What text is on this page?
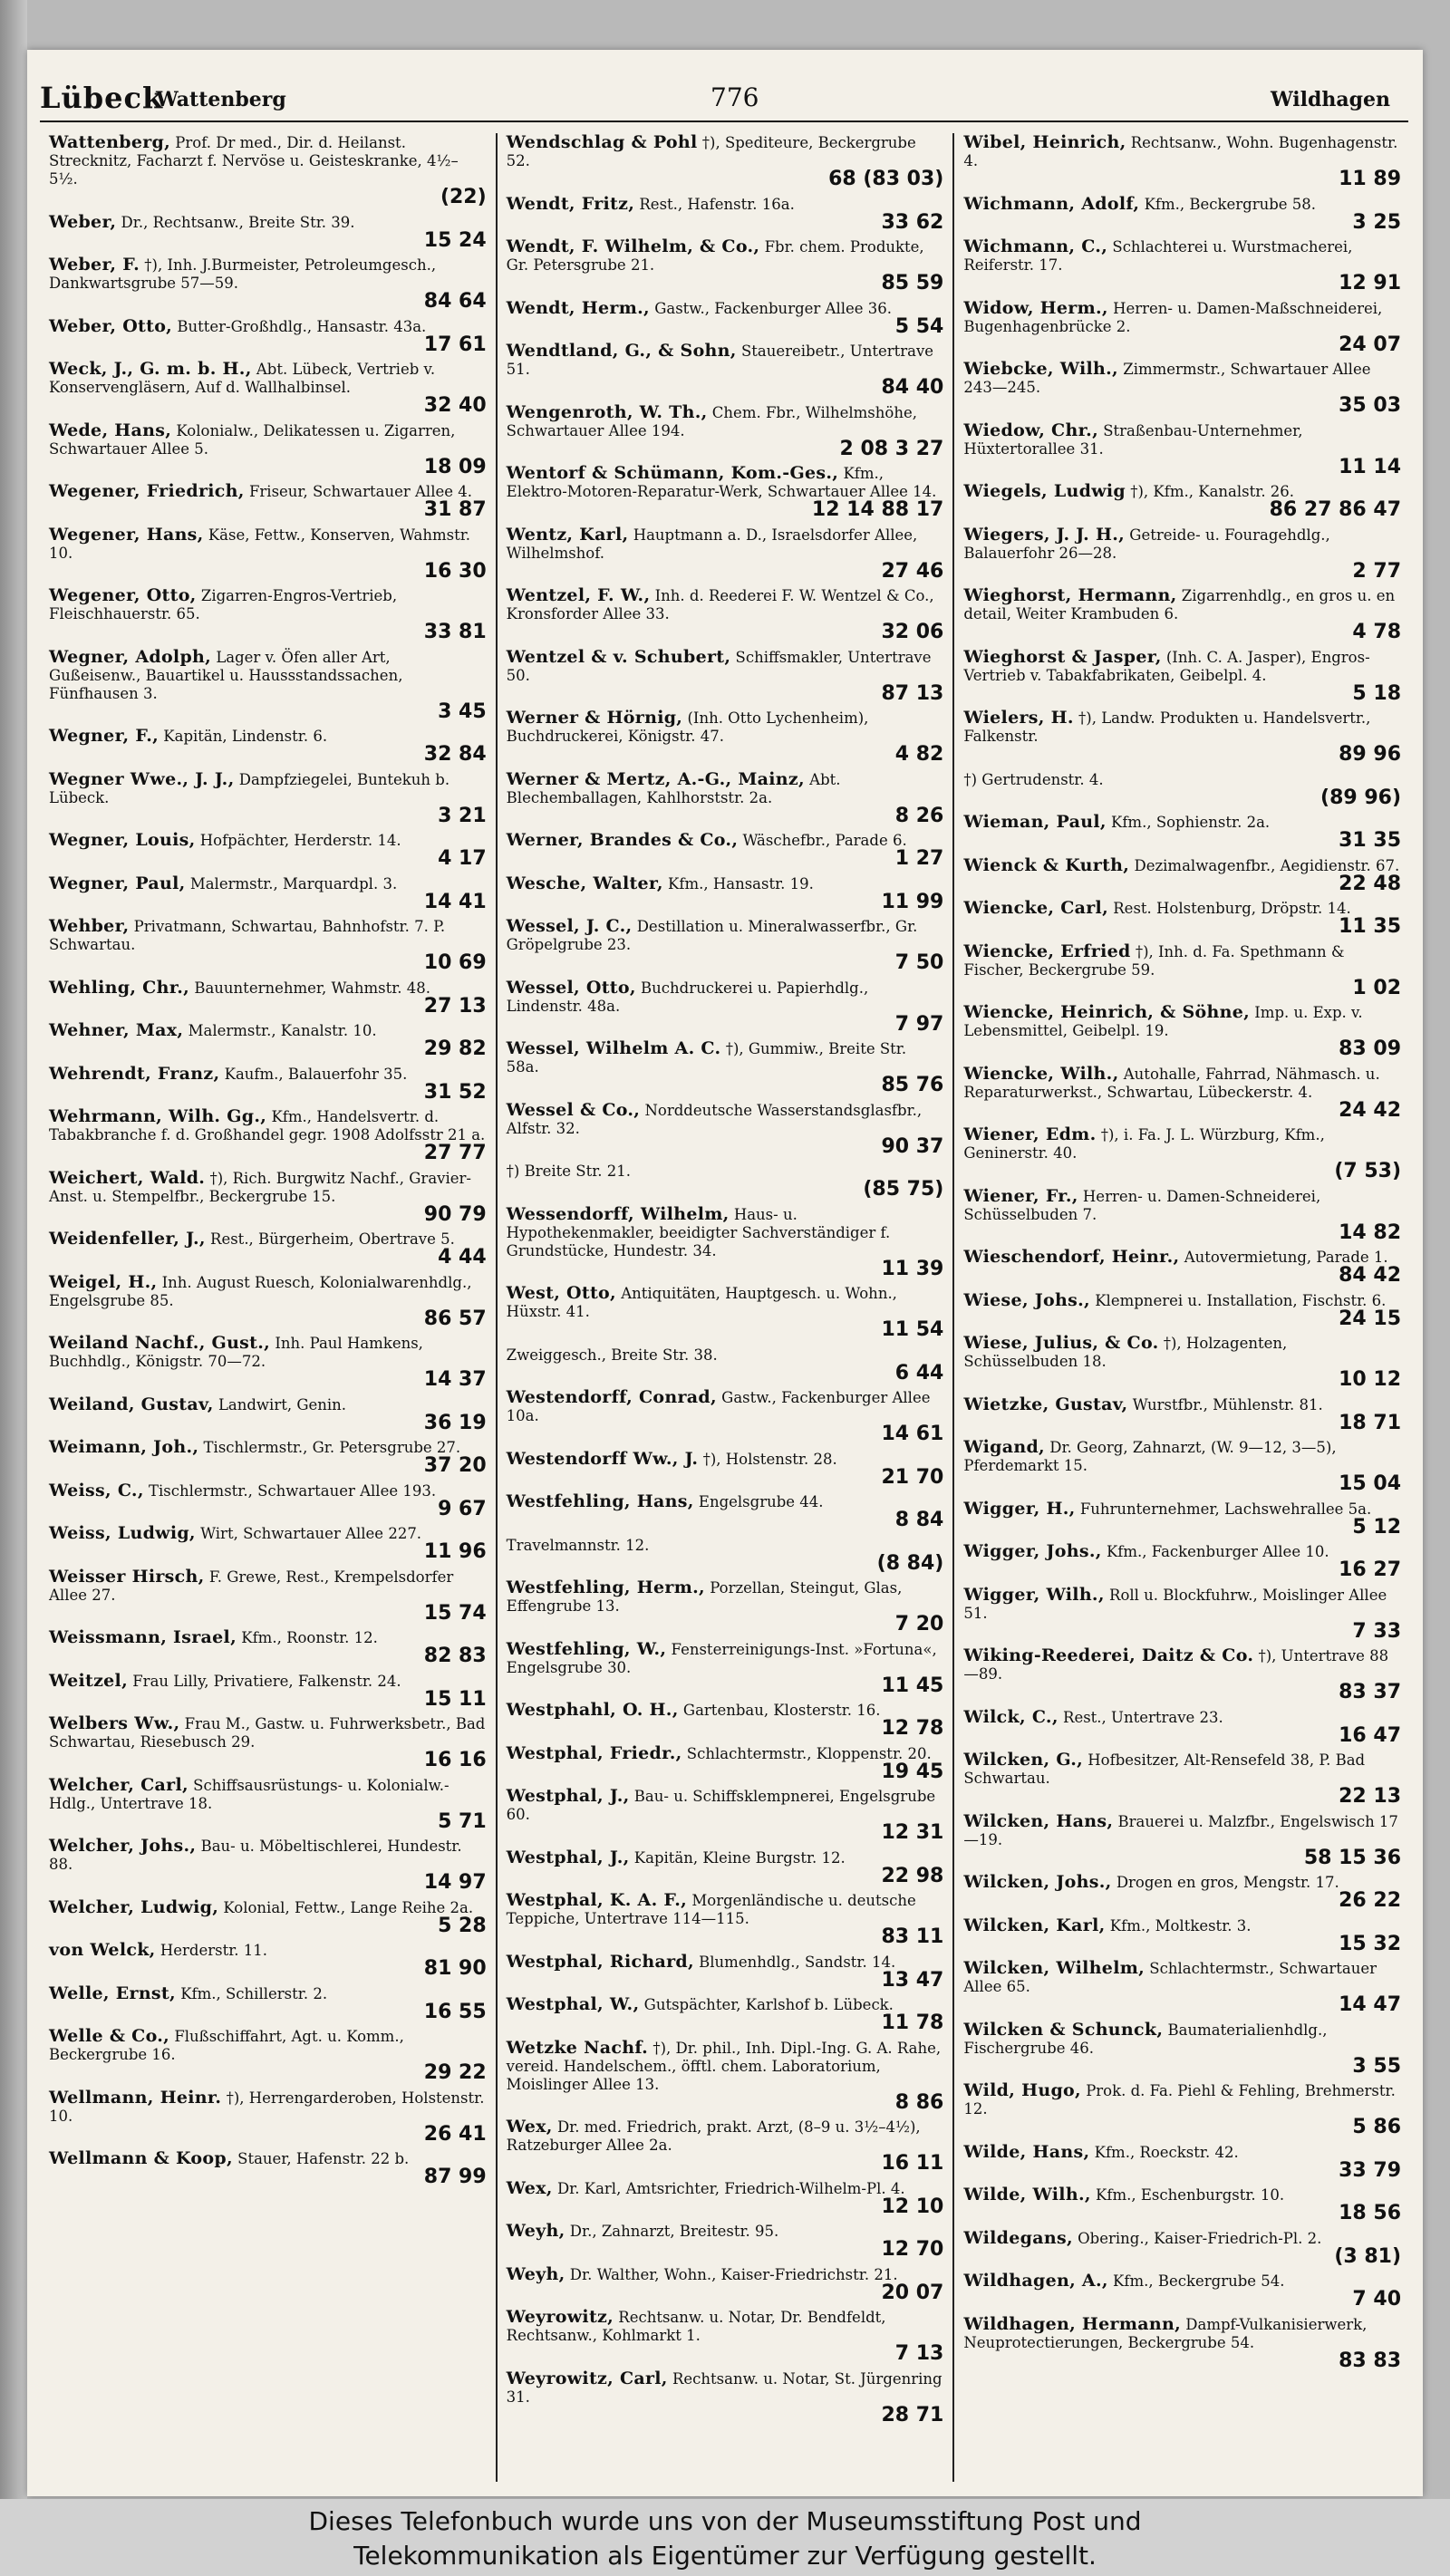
Lübeck
Wattenberg	776	Wildhagen
Wattenberg, Prof. Dr med., Dir. d. Heilanst. Strecknitz, Facharzt f. Nervöse u. Geisteskranke, 4½–5½.
(22)
Weber, Dr., Rechtsanw., Breite Str. 39.
15 24
Weber, F. †), Inh. J.Burmeister, Petroleumgesch., Dankwartsgrube 57—59.
84 64
Weber, Otto, Butter-Großhdlg., Hansastr. 43a.
17 61
Weck, J., G. m. b. H., Abt. Lübeck, Vertrieb v. Konservengläsern, Auf d. Wallhalbinsel.
32 40
Wede, Hans, Kolonialw., Delikatessen u. Zigarren, Schwartauer Allee 5.
18 09
Wegener, Friedrich, Friseur, Schwartauer Allee 4.
31 87
Wegener, Hans, Käse, Fettw., Konserven, Wahmstr. 10.
16 30
Wegener, Otto, Zigarren-Engros-Vertrieb, Fleischhauerstr. 65.
33 81
Wegner, Adolph, Lager v. Öfen aller Art, Gußeisenw., Bauartikel u. Haussstandssachen, Fünfhausen 3.
3 45
Wegner, F., Kapitän, Lindenstr. 6.
32 84
Wegner Wwe., J. J., Dampfziegelei, Buntekuh b. Lübeck.
3 21
Wegner, Louis, Hofpächter, Herderstr. 14.
4 17
Wegner, Paul, Malermstr., Marquardpl. 3.
14 41
Wehber, Privatmann, Schwartau, Bahnhofstr. 7. P. Schwartau.
10 69
Wehling, Chr., Bauunternehmer, Wahmstr. 48.
27 13
Wehner, Max, Malermstr., Kanalstr. 10.
29 82
Wehrendt, Franz, Kaufm., Balauerfohr 35.
31 52
Wehrmann, Wilh. Gg., Kfm., Handelsvertr. d. Tabakbranche f. d. Großhandel gegr. 1908 Adolfsstr 21 a.
27 77
Weichert, Wald. †), Rich. Burgwitz Nachf., Gravier-Anst. u. Stempelfbr., Beckergrube 15.
90 79
Weidenfeller, J., Rest., Bürgerheim, Obertrave 5.
4 44
Weigel, H., Inh. August Ruesch, Kolonialwarenhdlg., Engelsgrube 85.
86 57
Weiland Nachf., Gust., Inh. Paul Hamkens, Buchhdlg., Königstr. 70—72.
14 37
Weiland, Gustav, Landwirt, Genin.
36 19
Weimann, Joh., Tischlermstr., Gr. Petersgrube 27.
37 20
Weiss, C., Tischlermstr., Schwartauer Allee 193.
9 67
Weiss, Ludwig, Wirt, Schwartauer Allee 227.
11 96
Weisser Hirsch, F. Grewe, Rest., Krempelsdorfer Allee 27.
15 74
Weissmann, Israel, Kfm., Roonstr. 12.
82 83
Weitzel, Frau Lilly, Privatiere, Falkenstr. 24.
15 11
Welbers Ww., Frau M., Gastw. u. Fuhrwerksbetr., Bad Schwartau, Riesebusch 29.
16 16
Welcher, Carl, Schiffsausrüstungs- u. Kolonialw.-Hdlg., Untertrave 18.
5 71
Welcher, Johs., Bau- u. Möbeltischlerei, Hundestr. 88.
14 97
Welcher, Ludwig, Kolonial, Fettw., Lange Reihe 2a.
5 28
von Welck, Herderstr. 11.
81 90
Welle, Ernst, Kfm., Schillerstr. 2.
16 55
Welle & Co., Flußschiffahrt, Agt. u. Komm., Beckergrube 16.
29 22
Wellmann, Heinr. †), Herrengarderoben, Holstenstr. 10.
26 41
Wellmann & Koop, Stauer, Hafenstr. 22 b.
87 99
Wendschlag & Pohl †), Spediteure, Beckergrube 52.
68 (83 03)
Wendt, Fritz, Rest., Hafenstr. 16a.
33 62
Wendt, F. Wilhelm, & Co., Fbr. chem. Produkte, Gr. Petersgrube 21.
85 59
Wendt, Herm., Gastw., Fackenburger Allee 36.
5 54
Wendtland, G., & Sohn, Stauereibetr., Untertrave 51.
84 40
Wengenroth, W. Th., Chem. Fbr., Wilhelmshöhe, Schwartauer Allee 194.
2 08 3 27
Wentorf & Schümann, Kom.-Ges., Kfm., Elektro-Motoren-Reparatur-Werk, Schwartauer Allee 14.
12 14 88 17
Wentz, Karl, Hauptmann a. D., Israelsdorfer Allee, Wilhelmshof.
27 46
Wentzel, F. W., Inh. d. Reederei F. W. Wentzel & Co., Kronsforder Allee 33.
32 06
Wentzel & v. Schubert, Schiffsmakler, Untertrave 50.
87 13
Werner & Hörnig, (Inh. Otto Lychenheim), Buchdruckerei, Königstr. 47.
4 82
Werner & Mertz, A.-G., Mainz, Abt. Blechemballagen, Kahlhorststr. 2a.
8 26
Werner, Brandes & Co., Wäschefbr., Parade 6.
1 27
Wesche, Walter, Kfm., Hansastr. 19.
11 99
Wessel, J. C., Destillation u. Mineralwasserfbr., Gr. Gröpelgrube 23.
7 50
Wessel, Otto, Buchdruckerei u. Papierhdlg., Lindenstr. 48a.
7 97
Wessel, Wilhelm A. C. †), Gummiw., Breite Str. 58a.
85 76
Wessel & Co., Norddeutsche Wasserstandsglasfbr., Alfstr. 32.
90 37
†) Breite Str. 21.
(85 75)
Wessendorff, Wilhelm, Haus- u. Hypothekenmakler, beeidigter Sachverständiger f. Grundstücke, Hundestr. 34.
11 39
West, Otto, Antiquitäten, Hauptgesch. u. Wohn., Hüxstr. 41.
11 54
Zweiggesch., Breite Str. 38.
6 44
Westendorff, Conrad, Gastw., Fackenburger Allee 10a.
14 61
Westendorff Ww., J. †), Holstenstr. 28.
21 70
Westfehling, Hans, Engelsgrube 44.
8 84
Travelmannstr. 12.
(8 84)
Westfehling, Herm., Porzellan, Steingut, Glas, Effengrube 13.
7 20
Westfehling, W., Fensterreinigungs-Inst. »Fortuna«, Engelsgrube 30.
11 45
Westphahl, O. H., Gartenbau, Klosterstr. 16.
12 78
Westphal, Friedr., Schlachtermstr., Kloppenstr. 20.
19 45
Westphal, J., Bau- u. Schiffsklempnerei, Engelsgrube 60.
12 31
Westphal, J., Kapitän, Kleine Burgstr. 12.
22 98
Westphal, K. A. F., Morgenländische u. deutsche Teppiche, Untertrave 114—115.
83 11
Westphal, Richard, Blumenhdlg., Sandstr. 14.
13 47
Westphal, W., Gutspächter, Karlshof b. Lübeck.
11 78
Wetzke Nachf. †), Dr. phil., Inh. Dipl.-Ing. G. A. Rahe, vereid. Handelschem., öfftl. chem. Laboratorium, Moislinger Allee 13.
8 86
Wex, Dr. med. Friedrich, prakt. Arzt, (8–9 u. 3½–4½), Ratzeburger Allee 2a.
16 11
Wex, Dr. Karl, Amtsrichter, Friedrich-Wilhelm-Pl. 4.
12 10
Weyh, Dr., Zahnarzt, Breitestr. 95.
12 70
Weyh, Dr. Walther, Wohn., Kaiser-Friedrichstr. 21.
20 07
Weyrowitz, Rechtsanw. u. Notar, Dr. Bendfeldt, Rechtsanw., Kohlmarkt 1.
7 13
Weyrowitz, Carl, Rechtsanw. u. Notar, St. Jürgenring 31.
28 71
Wibel, Heinrich, Rechtsanw., Wohn. Bugenhagenstr. 4.
11 89
Wichmann, Adolf, Kfm., Beckergrube 58.
3 25
Wichmann, C., Schlachterei u. Wurstmacherei, Reiferstr. 17.
12 91
Widow, Herm., Herren- u. Damen-Maßschneiderei, Bugenhagenbrücke 2.
24 07
Wiebcke, Wilh., Zimmermstr., Schwartauer Allee 243—245.
35 03
Wiedow, Chr., Straßenbau-Unternehmer, Hüxtertorallee 31.
11 14
Wiegels, Ludwig †), Kfm., Kanalstr. 26.
86 27 86 47
Wiegers, J. J. H., Getreide- u. Fouragehdlg., Balauerfohr 26—28.
2 77
Wieghorst, Hermann, Zigarrenhdlg., en gros u. en detail, Weiter Krambuden 6.
4 78
Wieghorst & Jasper, (Inh. C. A. Jasper), Engros-Vertrieb v. Tabakfabrikaten, Geibelpl. 4.
5 18
Wielers, H. †), Landw. Produkten u. Handelsvertr., Falkenstr.
89 96
†) Gertrudenstr. 4.
(89 96)
Wieman, Paul, Kfm., Sophienstr. 2a.
31 35
Wienck & Kurth, Dezimalwagenfbr., Aegidienstr. 67.
22 48
Wiencke, Carl, Rest. Holstenburg, Dröpstr. 14.
11 35
Wiencke, Erfried †), Inh. d. Fa. Spethmann & Fischer, Beckergrube 59.
1 02
Wiencke, Heinrich, & Söhne, Imp. u. Exp. v. Lebensmittel, Geibelpl. 19.
83 09
Wiencke, Wilh., Autohalle, Fahrrad, Nähmasch. u. Reparaturwerkst., Schwartau, Lübeckerstr. 4.
24 42
Wiener, Edm. †), i. Fa. J. L. Würzburg, Kfm., Geninerstr. 40.
(7 53)
Wiener, Fr., Herren- u. Damen-Schneiderei, Schüsselbuden 7.
14 82
Wieschendorf, Heinr., Autovermietung, Parade 1.
84 42
Wiese, Johs., Klempnerei u. Installation, Fischstr. 6.
24 15
Wiese, Julius, & Co. †), Holzagenten, Schüsselbuden 18.
10 12
Wietzke, Gustav, Wurstfbr., Mühlenstr. 81.
18 71
Wigand, Dr. Georg, Zahnarzt, (W. 9—12, 3—5), Pferdemarkt 15.
15 04
Wigger, H., Fuhrunternehmer, Lachswehrallee 5a.
5 12
Wigger, Johs., Kfm., Fackenburger Allee 10.
16 27
Wigger, Wilh., Roll u. Blockfuhrw., Moislinger Allee 51.
7 33
Wiking-Reederei, Daitz & Co. †), Untertrave 88—89.
83 37
Wilck, C., Rest., Untertrave 23.
16 47
Wilcken, G., Hofbesitzer, Alt-Rensefeld 38, P. Bad Schwartau.
22 13
Wilcken, Hans, Brauerei u. Malzfbr., Engelswisch 17—19.
58 15 36
Wilcken, Johs., Drogen en gros, Mengstr. 17.
26 22
Wilcken, Karl, Kfm., Moltkestr. 3.
15 32
Wilcken, Wilhelm, Schlachtermstr., Schwartauer Allee 65.
14 47
Wilcken & Schunck, Baumaterialienhdlg., Fischergrube 46.
3 55
Wild, Hugo, Prok. d. Fa. Piehl & Fehling, Brehmerstr. 12.
5 86
Wilde, Hans, Kfm., Roeckstr. 42.
33 79
Wilde, Wilh., Kfm., Eschenburgstr. 10.
18 56
Wildegans, Obering., Kaiser-Friedrich-Pl. 2.
(3 81)
Wildhagen, A., Kfm., Beckergrube 54.
7 40
Wildhagen, Hermann, Dampf-Vulkanisierwerk, Neuprotectierungen, Beckergrube 54.
83 83
Dieses Telefonbuch wurde uns von der Museumsstiftung Post und
Telekommunikation als Eigentümer zur Verfügung gestellt.
